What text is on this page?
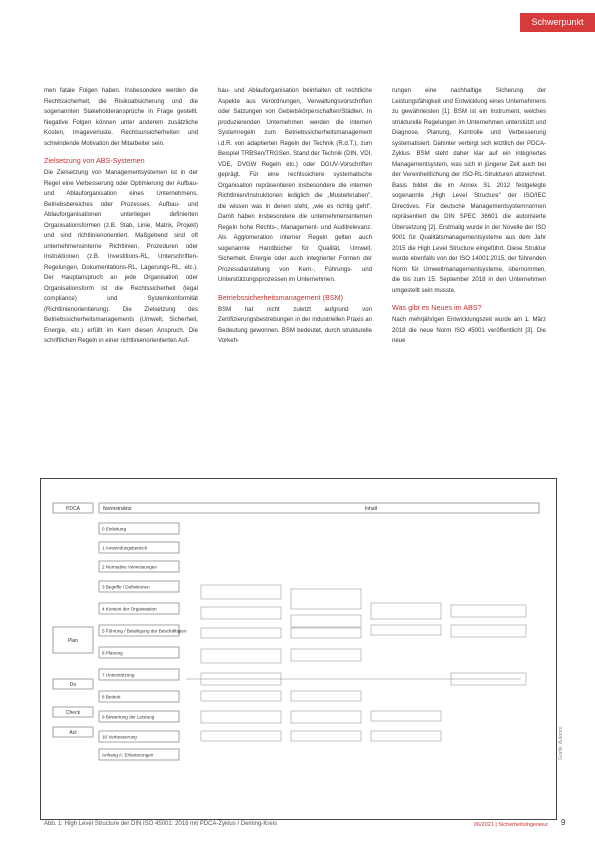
Schwerpunkt

men fatale Folgen haben. Insbesondere werden die Rechtssicherheit, die Risikoabsicherung und die sogenannten Stakeholderansprüche in Frage gestellt. Negative Folgen können unter anderem zusätzliche Kosten, Imageverluste, Rechtsunsicherheiten und schwindende Motivation der Mitarbeiter sein.

Zielsetzung von ABS-Systemen

Die Zielsetzung von Managementsystemen ist in der Regel eine Verbesserung oder Optimierung der Aufbau- und Ablauforganisation eines Unternehmens, Betriebsbereiches oder Prozesses. Aufbau- und Ablauforganisationen unterliegen definierten Organisationsformen (z.B. Stab, Linie, Matrix, Projekt) und sind richtlinienorientiert. Maßgebend sind oft unternehmensinterne Richtlinien, Prozeduren oder Instruktionen (z.B. Investitions-RL, Unterschriften-Regelungen, Dokumentations-RL, Lagerungs-RL, etc.). Der Hauptanspruch an jede Organisation oder Organisationsform ist die Rechtssicherheit (legal compliance) und Systemkonformität (Richtlinienorientierung). Die Zielsetzung des Betriebssicherheitsmanagements (Umwelt, Sicherheit, Energie, etc.) erfüllt im Kern diesen Anspruch. Die schriftlichen Regeln in einer richtlinienorientierten Auf-

bau- und Ablauforganisation beinhalten oft rechtliche Aspekte aus Verordnungen, Verwaltungsvorschriften oder Satzungen von Gebietskörperschaften/Städten. In produzierenden Unternehmen werden die internen Systemregeln zum Betriebssicherheitsmanagement i.d.R. von adaptierten Regeln der Technik (R.d.T.), zum Beispiel TRBSen/TRGSen, Stand der Technik (DIN, VDI, VDE, DVGW Regeln etc.) oder DGUV-Vorschriften geprägt. Für eine rechtssichere systematische Organisation repräsentieren insbesondere die internen Richtlinien/Instruktionen lediglich die „Musterknaben", die wissen was in denen steht, „wie es richtig geht". Damit haben insbesondere die unternehmensinternen Regeln hohe Rechts-, Management- und Auditrelevanz. Als Agglomeration interner Regeln gelten auch sogenannte Handbücher für Qualität, Umwelt, Sicherheit, Energie oder auch integrierter Formen der Prozessdarstellung von Kern-, Führungs- und Unterstützungsprozessen im Unternehmen.

Betriebssicherheitsmanagement (BSM)

BSM hat nicht zuletzt aufgrund von Zertifizierungsbestrebungen in der industriellen Praxis an Bedeutung gewonnen. BSM bedeutet, durch strukturelle Vorkeh-

rungen eine nachhaltige Sicherung der Leistungsfähigkeit und Entwicklung eines Unternehmens zu gewährleisten [1]. BSM ist ein Instrument, welches strukturelle Regelungen im Unternehmen unterstützt und Diagnose, Planung, Kontrolle und Verbesserung systematisiert. Dahinter verbirgt sich letztlich der PDCA-Zyklus. BSM steht daher klar auf ein integriertes Managementsystem, was sich in jüngerer Zeit auch bei der Vereinheitlichung der ISO-RL-Strukturen abzeichnet. Basis bildet die im Annex SL 2012 festgelegte sogenannte „High Level Structure" der ISO/IEC Directives. Für deutsche Managementsystemnormen repräsentiert die DIN SPEC 36601 die autorisierte Übersetzung [2]. Erstmalig wurde in der Novelle der ISO 9001 für Qualitätsmanagementsysteme aus dem Jahr 2015 die High Level Structure eingeführt. Diese Struktur wurde ebenfalls von der ISO 14001:2015, der führenden Norm für Umweltmanagementsysteme, übernommen, die bis zum 15. September 2018 in den Unternehmen umgestellt sein musste.

Was gibt es Neues im ABS?

Nach mehrjährigen Entwicklungszeit wurde am 1. März 2018 die neue Norm ISO 45001 veröffentlicht [3]. Die neue

PDCA	Normstruktur	Inhalt
Plan
Do
Check
Act
0 Einleitung
1 Anwendungsbereich
2 Normative Verweisungen
3 Begriffe / Definitionen
4 Kontext der Organisation
5 Führung / Beteiligung der Beschäftigten
6 Planung
7 Unterstützung
8 Betrieb
9 Bewertung der Leistung
10 Verbesserung
Anhang A: Erläuterungen
Abb. 1: High Level Structure der DIN ISO 45001: 2018 mit PDCA-Zyklus / Deming-Kreis
Grafik: Autoren
06/2021 | Sicherheitsingenieur 9
